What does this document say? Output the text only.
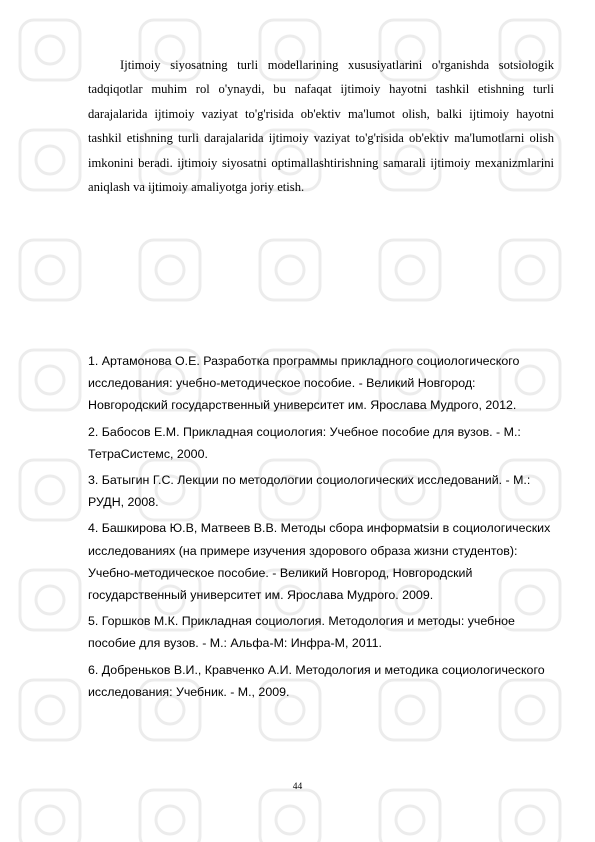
Ijtimoiy siyosatning turli modellarining xususiyatlarini o'rganishda sotsiologik tadqiqotlar muhim rol o'ynaydi, bu nafaqat ijtimoiy hayotni tashkil etishning turli darajalarida ijtimoiy vaziyat to'g'risida ob'ektiv ma'lumot olish, balki ijtimoiy hayotni tashkil etishning turli darajalarida ijtimoiy vaziyat to'g'risida ob'ektiv ma'lumotlarni olish imkonini beradi. ijtimoiy siyosatni optimallashtirishning samarali ijtimoiy mexanizmlarini aniqlash va ijtimoiy amaliyotga joriy etish.

1. Артамонова О.Е. Разработка программы прикладного социологического исследования: учебно-методическое пособие. - Великий Новгород: Новгородский государственный университет им. Ярослава Мудрого, 2012.
2. Бабосов Е.М. Прикладная социология: Учебное пособие для вузов. - М.: ТетраСистемс, 2000.
3. Батыгин Г.С. Лекции по методологии социологических исследований. - М.: РУДН, 2008.
4. Башкирова Ю.В, Матвеев В.В. Методы сбора информatsiи в социологических исследованиях (на примере изучения здорового образа жизни студентов): Учебно-методическое пособие. - Великий Новгород, Новгородский государственный университет им. Ярослава Мудрого. 2009.
5. Горшков М.К. Прикладная социология. Методология и методы: учебное пособие для вузов. - М.: Альфа-М: Инфра-М, 2011.
6. Добреньков В.И., Кравченко А.И. Методология и методика социологического исследования: Учебник. - М., 2009.
44
